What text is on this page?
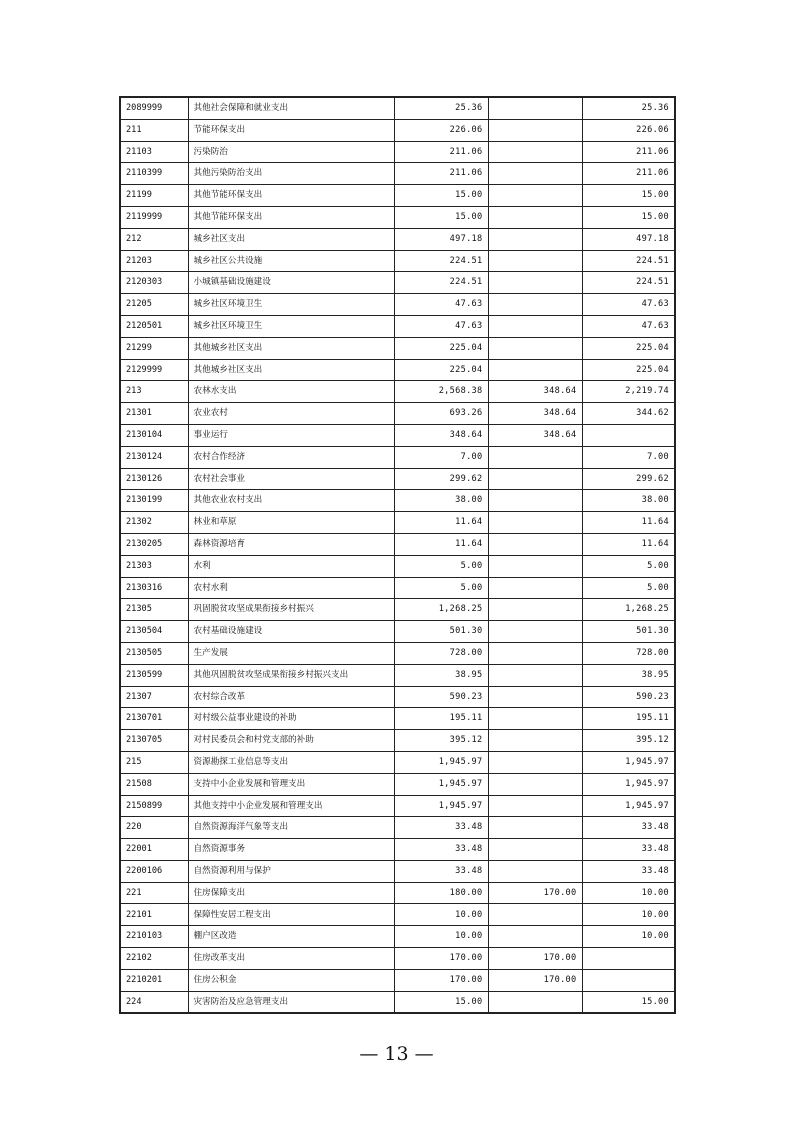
2089999	其他社会保障和就业支出	25.36		25.36
211	节能环保支出	226.06		226.06
21103	污染防治	211.06		211.06
2110399	其他污染防治支出	211.06		211.06
21199	其他节能环保支出	15.00		15.00
2119999	其他节能环保支出	15.00		15.00
212	城乡社区支出	497.18		497.18
21203	城乡社区公共设施	224.51		224.51
2120303	小城镇基础设施建设	224.51		224.51
21205	城乡社区环境卫生	47.63		47.63
2120501	城乡社区环境卫生	47.63		47.63
21299	其他城乡社区支出	225.04		225.04
2129999	其他城乡社区支出	225.04		225.04
213	农林水支出	2,568.38	348.64	2,219.74
21301	农业农村	693.26	348.64	344.62
2130104	事业运行	348.64	348.64	
2130124	农村合作经济	7.00		7.00
2130126	农村社会事业	299.62		299.62
2130199	其他农业农村支出	38.00		38.00
21302	林业和草原	11.64		11.64
2130205	森林资源培育	11.64		11.64
21303	水利	5.00		5.00
2130316	农村水利	5.00		5.00
21305	巩固脱贫攻坚成果衔接乡村振兴	1,268.25		1,268.25
2130504	农村基础设施建设	501.30		501.30
2130505	生产发展	728.00		728.00
2130599	其他巩固脱贫攻坚成果衔接乡村振兴支出	38.95		38.95
21307	农村综合改革	590.23		590.23
2130701	对村级公益事业建设的补助	195.11		195.11
2130705	对村民委员会和村党支部的补助	395.12		395.12
215	资源勘探工业信息等支出	1,945.97		1,945.97
21508	支持中小企业发展和管理支出	1,945.97		1,945.97
2150899	其他支持中小企业发展和管理支出	1,945.97		1,945.97
220	自然资源海洋气象等支出	33.48		33.48
22001	自然资源事务	33.48		33.48
2200106	自然资源利用与保护	33.48		33.48
221	住房保障支出	180.00	170.00	10.00
22101	保障性安居工程支出	10.00		10.00
2210103	棚户区改造	10.00		10.00
22102	住房改革支出	170.00	170.00	
2210201	住房公积金	170.00	170.00	
224	灾害防治及应急管理支出	15.00		15.00
— 13 —
